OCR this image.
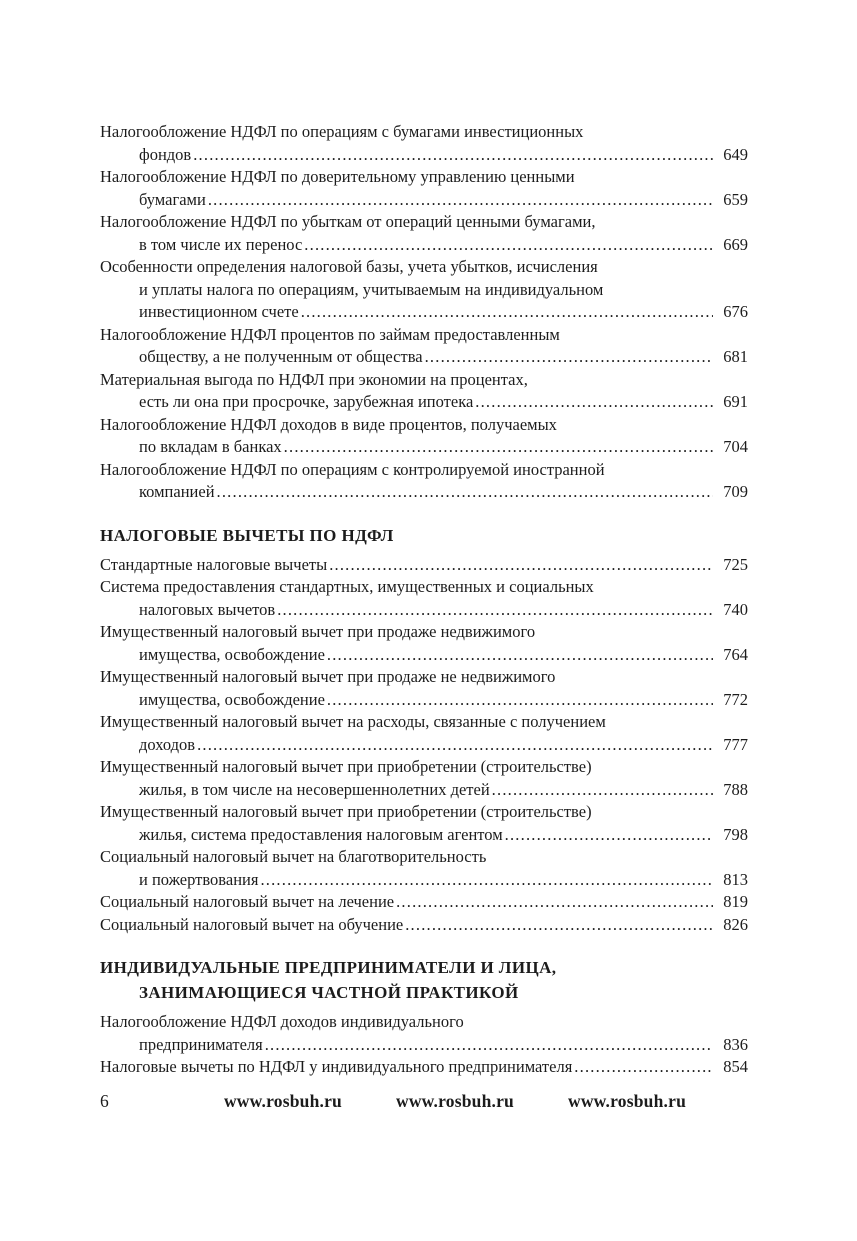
Налогообложение НДФЛ по операциям с бумагами инвестиционных
фондов .....	649
Налогообложение НДФЛ по доверительному управлению ценными
бумагами .....	659
Налогообложение НДФЛ по убыткам от операций ценными бумагами,
в том числе их перенос .....	669
Особенности определения налоговой базы, учета убытков, исчисления
и уплаты налога по операциям, учитываемым на индивидуальном
инвестиционном счете .....	676
Налогообложение НДФЛ процентов по займам предоставленным
обществу, а не полученным от общества .....	681
Материальная выгода по НДФЛ при экономии на процентах,
есть ли она при просрочке, зарубежная ипотека .....	691
Налогообложение НДФЛ доходов в виде процентов, получаемых
по вкладам в банках .....	704
Налогообложение НДФЛ по операциям с контролируемой иностранной
компанией .....	709
НАЛОГОВЫЕ ВЫЧЕТЫ ПО НДФЛ
Стандартные налоговые вычеты .....	725
Система предоставления стандартных, имущественных и социальных
налоговых вычетов .....	740
Имущественный налоговый вычет при продаже недвижимого
имущества, освобождение .....	764
Имущественный налоговый вычет при продаже не недвижимого
имущества, освобождение .....	772
Имущественный налоговый вычет на расходы, связанные с получением
доходов .....	777
Имущественный налоговый вычет при приобретении (строительстве)
жилья, в том числе на несовершеннолетних детей .....	788
Имущественный налоговый вычет при приобретении (строительстве)
жилья, система предоставления налоговым агентом .....	798
Социальный налоговый вычет на благотворительность
и пожертвования .....	813
Социальный налоговый вычет на лечение .....	819
Социальный налоговый вычет на обучение .....	826
ИНДИВИДУАЛЬНЫЕ ПРЕДПРИНИМАТЕЛИ И ЛИЦА,
ЗАНИМАЮЩИЕСЯ ЧАСТНОЙ ПРАКТИКОЙ
Налогообложение НДФЛ доходов индивидуального
предпринимателя .....	836
Налоговые вычеты по НДФЛ у индивидуального предпринимателя .....	854
6	www.rosbuh.ru	www.rosbuh.ru	www.rosbuh.ru
